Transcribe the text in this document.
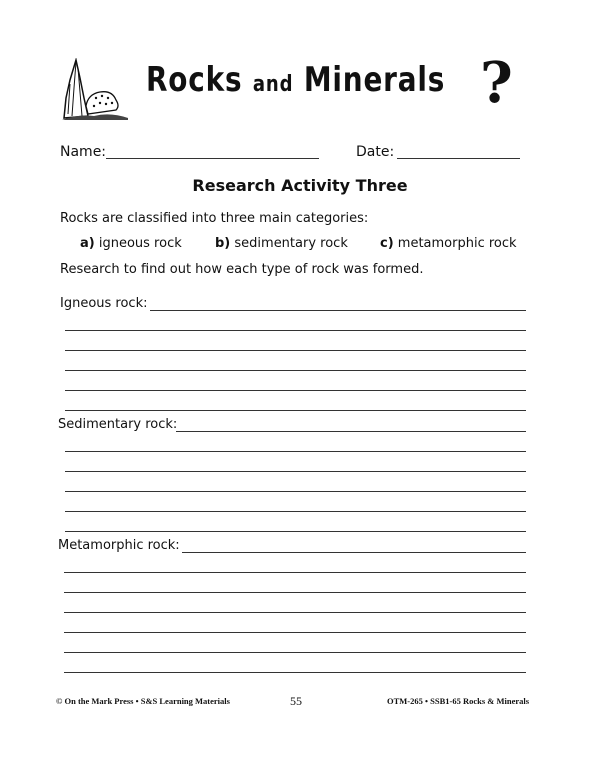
Rocks and Minerals ?
Name:	Date:
Research Activity Three
Rocks are classified into three main categories:
a) igneous rock	b) sedimentary rock c) metamorphic rock
Research to find out how each type of rock was formed.
Igneous rock:
Sedimentary rock:
Metamorphic rock:
© On the Mark Press • S&S Learning Materials	55	OTM-265 • SSB1-65 Rocks & Minerals
